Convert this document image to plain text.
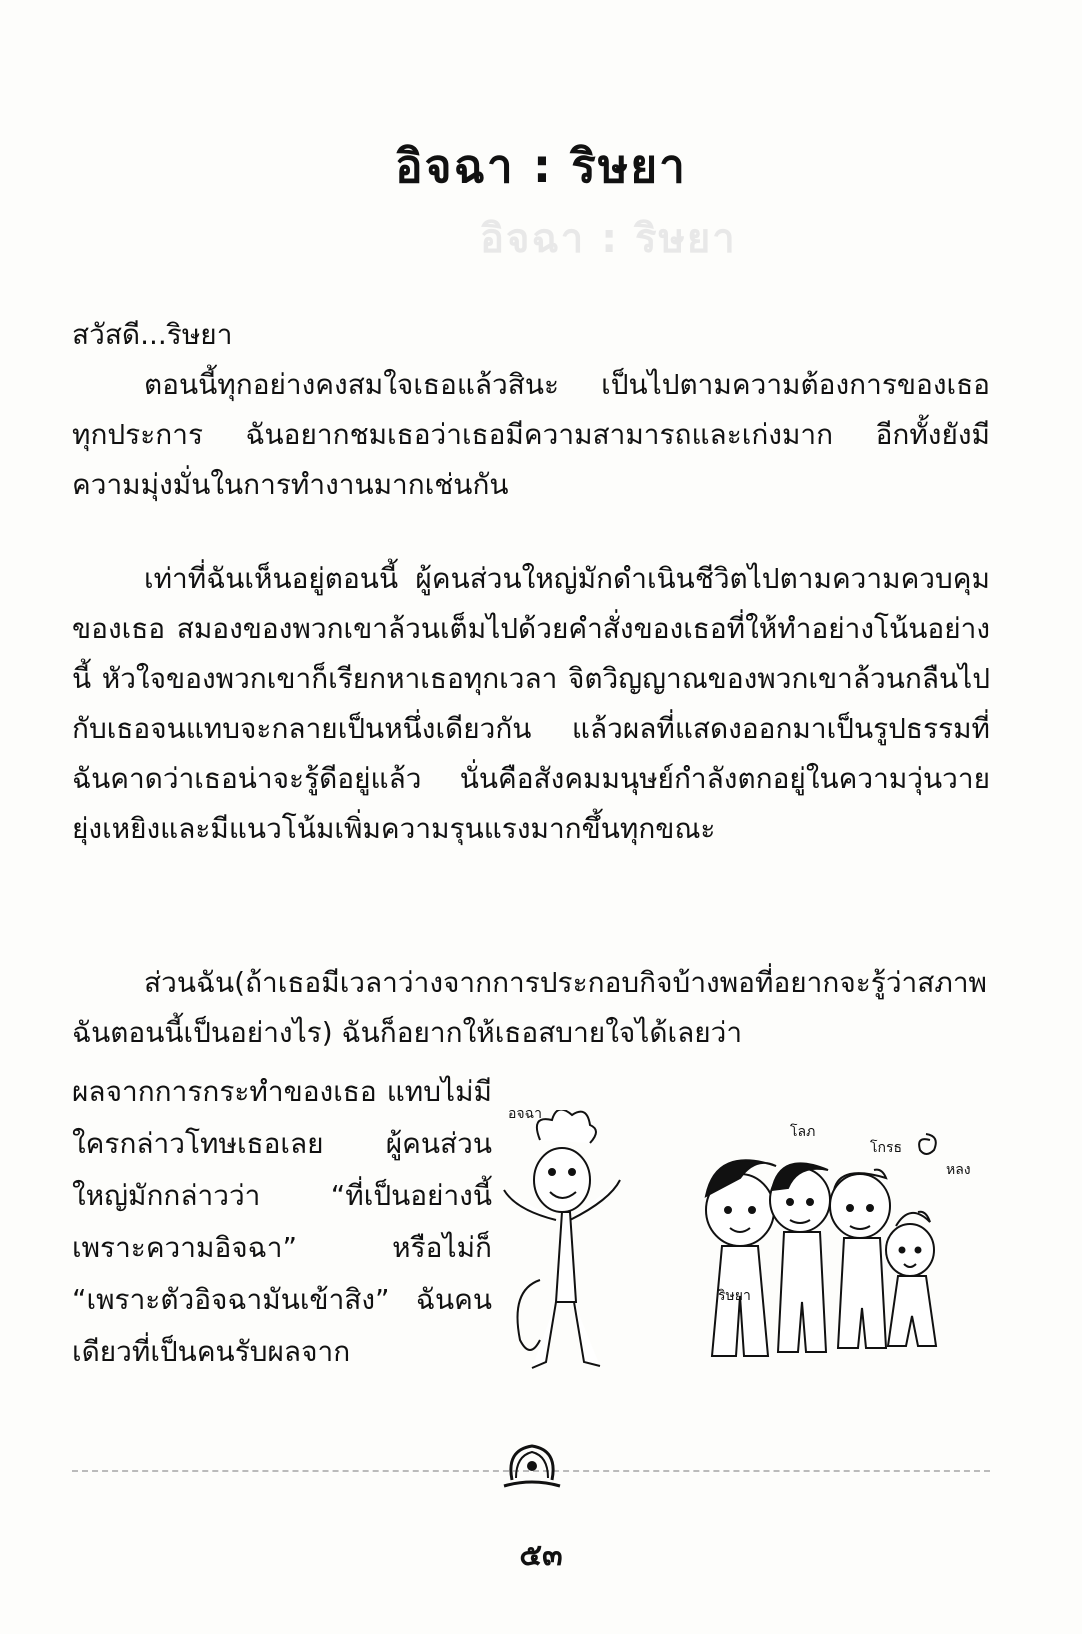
อิจฉา : ริษยา
อิจฉา : ริษยา
สวัสดี...ริษยา
ตอนนี้ทุกอย่างคงสมใจเธอแล้วสินะ เป็นไปตามความต้องการของเธอทุกประการ ฉันอยากชมเธอว่าเธอมีความสามารถและเก่งมาก อีกทั้งยังมีความมุ่งมั่นในการทำงานมากเช่นกัน
เท่าที่ฉันเห็นอยู่ตอนนี้ ผู้คนส่วนใหญ่มักดำเนินชีวิตไปตามความควบคุมของเธอ สมองของพวกเขาล้วนเต็มไปด้วยคำสั่งของเธอที่ให้ทำอย่างโน้นอย่างนี้ หัวใจของพวกเขาก็เรียกหาเธอทุกเวลา จิตวิญญาณของพวกเขาล้วนกลืนไปกับเธอจนแทบจะกลายเป็นหนึ่งเดียวกัน แล้วผลที่แสดงออกมาเป็นรูปธรรมที่ฉันคาดว่าเธอน่าจะรู้ดีอยู่แล้ว นั่นคือสังคมมนุษย์กำลังตกอยู่ในความวุ่นวาย ยุ่งเหยิงและมีแนวโน้มเพิ่มความรุนแรงมากขึ้นทุกขณะ
ส่วนฉัน(ถ้าเธอมีเวลาว่างจากการประกอบกิจบ้างพอที่อยากจะรู้ว่าสภาพฉันตอนนี้เป็นอย่างไร) ฉันก็อยากให้เธอสบายใจได้เลยว่า
ผลจากการกระทำของเธอ แทบไม่มีใครกล่าวโทษเธอเลย ผู้คนส่วนใหญ่มักกล่าวว่า “ที่เป็นอย่างนี้เพราะความอิจฉา” หรือไม่ก็ “เพราะตัวอิจฉามันเข้าสิง” ฉันคนเดียวที่เป็นคนรับผลจาก
อิจฉา
ริษยา
โลภ
โกรธ
หลง
๕๓
